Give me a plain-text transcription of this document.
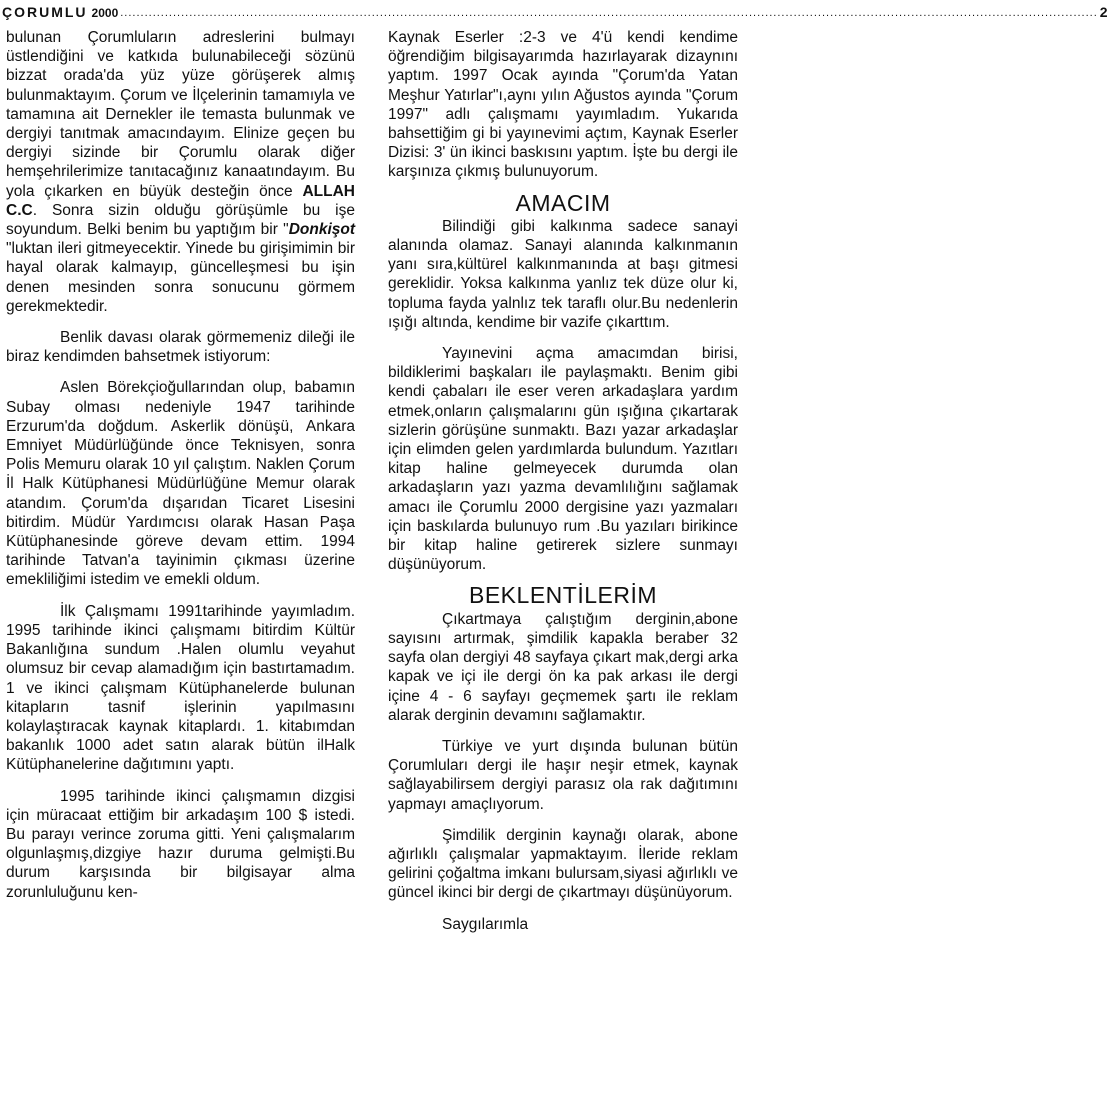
ÇORUMLU 2000 ................................................................................................................................................................................................................................................. 2

bulunan Çorumluların adreslerini bulmayı üstlendiğini ve katkıda bulunabileceği sözünü bizzat orada'da yüz yüze görüşerek almış bulunmaktayım. Çorum ve İlçelerinin tamamıyla ve tamamına ait Dernekler ile temasta bulunmak ve dergiyi tanıtmak amacındayım. Elinize geçen bu dergiyi sizinde bir Çorumlu olarak diğer hemşehrilerimize tanıtacağınız kanaatındayım. Bu yola çıkarken en büyük desteğin önce ALLAH C.C. Sonra sizin olduğu görüşümle bu işe soyundum. Belki benim bu yaptığım bir "Donkişot "luktan ileri gitmeyecektir. Yinede bu girişimimin bir hayal olarak kalmayıp, güncelleşmesi bu işin denen mesinden sonra sonucunu görmem gerekmektedir.

Benlik davası olarak görmemeniz dileği ile biraz kendimden bahsetmek istiyorum:

Aslen Börekçioğullarından olup, babamın Subay olması nedeniyle 1947 tarihinde Erzurum'da doğdum. Askerlik dönüşü, Ankara Emniyet Müdürlüğünde önce Teknisyen, sonra Polis Memuru olarak 10 yıl çalıştım. Naklen Çorum İl Halk Kütüphanesi Müdürlüğüne Memur olarak atandım. Çorum'da dışarıdan Ticaret Lisesini bitirdim. Müdür Yardımcısı olarak Hasan Paşa Kütüphanesinde göreve devam ettim. 1994 tarihinde Tatvan'a tayinimin çıkması üzerine emekliliğimi istedim ve emekli oldum.

İlk Çalışmamı 1991tarihinde yayımladım. 1995 tarihinde ikinci çalışmamı bitirdim Kültür Bakanlığına sundum .Halen olumlu veyahut olumsuz bir cevap alamadığım için bastırtamadım. 1 ve ikinci çalışmam Kütüphanelerde bulunan kitapların tasnif işlerinin yapılmasını kolaylaştıracak kaynak kitaplardı. 1. kitabımdan bakanlık 1000 adet satın alarak bütün ilHalk Kütüphanelerine dağıtımını yaptı.

1995 tarihinde ikinci çalışmamın dizgisi için müracaat ettiğim bir arkadaşım 100 $ istedi. Bu parayı verince zoruma gitti. Yeni çalışmalarım olgunlaşmış,dizgiye hazır duruma gelmişti.Bu durum karşısında bir bilgisayar alma zorunluluğunu ken-

Kaynak Eserler :2-3 ve 4'ü kendi kendime öğrendiğim bilgisayarımda hazırlayarak dizaynını yaptım. 1997 Ocak ayında "Çorum'da Yatan Meşhur Yatırlar"ı,aynı yılın Ağustos ayında "Çorum 1997" adlı çalışmamı yayımladım. Yukarıda bahsettiğim gi bi yayınevimi açtım, Kaynak Eserler Dizisi: 3' ün ikinci baskısını yaptım. İşte bu dergi ile karşınıza çıkmış bulunuyorum.

AMACIM

Bilindiği gibi kalkınma sadece sanayi alanında olamaz. Sanayi alanında kalkınmanın yanı sıra,kültürel kalkınmanında at başı gitmesi gereklidir. Yoksa kalkınma yanlız tek düze olur ki, topluma fayda yalnlız tek taraflı olur.Bu nedenlerin ışığı altında, kendime bir vazife çıkarttım.

Yayınevini açma amacımdan birisi, bildiklerimi başkaları ile paylaşmaktı. Benim gibi kendi çabaları ile eser veren arkadaşlara yardım etmek,onların çalışmalarını gün ışığına çıkartarak sizlerin görüşüne sunmaktı. Bazı yazar arkadaşlar için elimden gelen yardımlarda bulundum. Yazıtları kitap haline gelmeyecek durumda olan arkadaşların yazı yazma devamlılığını sağlamak amacı ile Çorumlu 2000 dergisine yazı yazmaları için baskılarda bulunuyo rum .Bu yazıları birikince bir kitap haline getirerek sizlere sunmayı düşünüyorum.

BEKLENTİLERİM

Çıkartmaya çalıştığım derginin,abone sayısını artırmak, şimdilik kapakla beraber 32 sayfa olan dergiyi 48 sayfaya çıkart mak,dergi arka kapak ve içi ile dergi ön ka pak arkası ile dergi içine 4 - 6 sayfayı geçmemek şartı ile reklam alarak derginin devamını sağlamaktır.

Türkiye ve yurt dışında bulunan bütün Çorumluları dergi ile haşır neşir etmek, kaynak sağlayabilirsem dergiyi parasız ola rak dağıtımını yapmayı amaçlıyorum.

Şimdilik derginin kaynağı olarak, abone ağırlıklı çalışmalar yapmaktayım. İleride reklam gelirini çoğaltma imkanı bulursam,siyasi ağırlıklı ve güncel ikinci bir dergi de çıkartmayı düşünüyorum.

Saygılarımla
